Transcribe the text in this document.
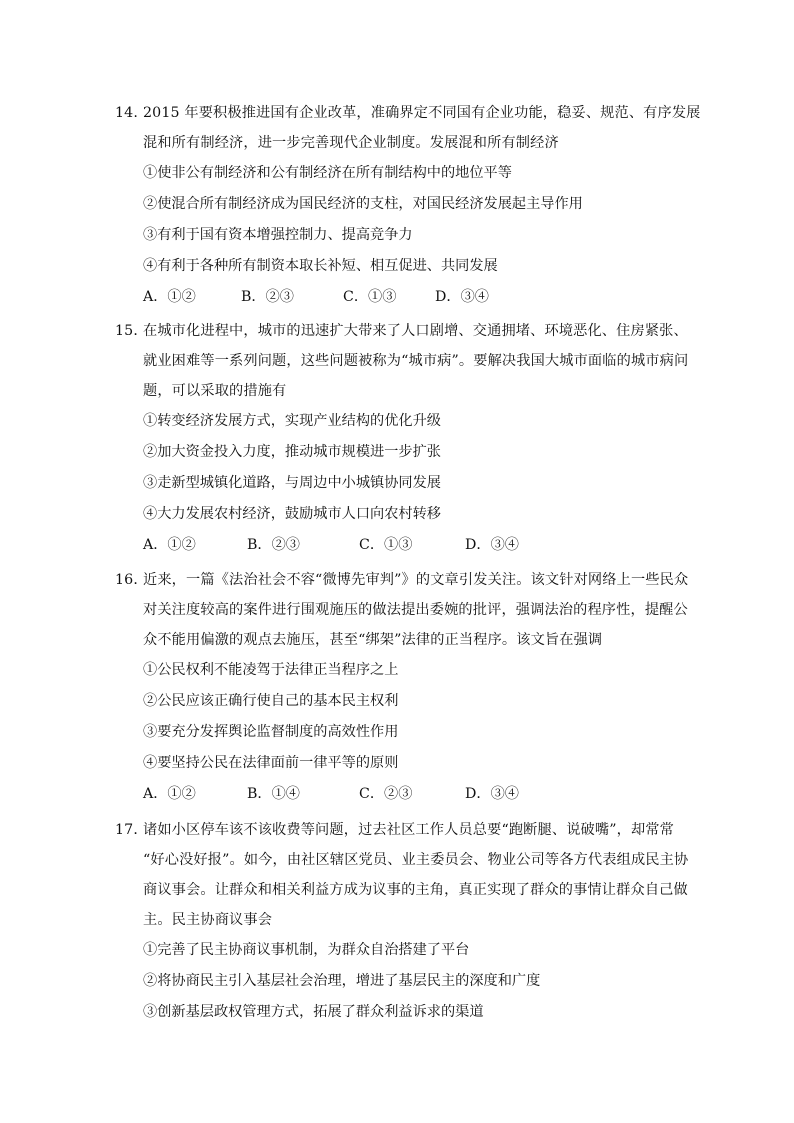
14. 2015 年要积极推进国有企业改革，准确界定不同国有企业功能，稳妥、规范、有序发展
混和所有制经济，进一步完善现代企业制度。发展混和所有制经济
①使非公有制经济和公有制经济在所有制结构中的地位平等
②使混合所有制经济成为国民经济的支柱，对国民经济发展起主导作用
③有利于国有资本增强控制力、提高竞争力
④有利于各种所有制资本取长补短、相互促进、共同发展
A．①②	B．②③	C．①③	D．③④
15．在城市化进程中，城市的迅速扩大带来了人口剧增、交通拥堵、环境恶化、住房紧张、
就业困难等一系列问题，这些问题被称为“城市病”。要解决我国大城市面临的城市病问
题，可以采取的措施有
①转变经济发展方式，实现产业结构的优化升级
②加大资金投入力度，推动城市规模进一步扩张
③走新型城镇化道路，与周边中小城镇协同发展
④大力发展农村经济，鼓励城市人口向农村转移
A．①②	B．②③	C．①③	D．③④
16．近来，一篇《法治社会不容“微博先审判”》的文章引发关注。该文针对网络上一些民众
对关注度较高的案件进行围观施压的做法提出委婉的批评，强调法治的程序性，提醒公
众不能用偏激的观点去施压，甚至“绑架”法律的正当程序。该文旨在强调
①公民权利不能凌驾于法律正当程序之上
②公民应该正确行使自己的基本民主权利
③要充分发挥舆论监督制度的高效性作用
④要坚持公民在法律面前一律平等的原则
A．①②	B．①④	C．②③	D．③④
17．诸如小区停车该不该收费等问题，过去社区工作人员总要“跑断腿、说破嘴”，却常常
“好心没好报”。如今，由社区辖区党员、业主委员会、物业公司等各方代表组成民主协
商议事会。让群众和相关利益方成为议事的主角，真正实现了群众的事情让群众自己做
主。民主协商议事会
①完善了民主协商议事机制，为群众自治搭建了平台
②将协商民主引入基层社会治理，增进了基层民主的深度和广度
③创新基层政权管理方式，拓展了群众利益诉求的渠道
